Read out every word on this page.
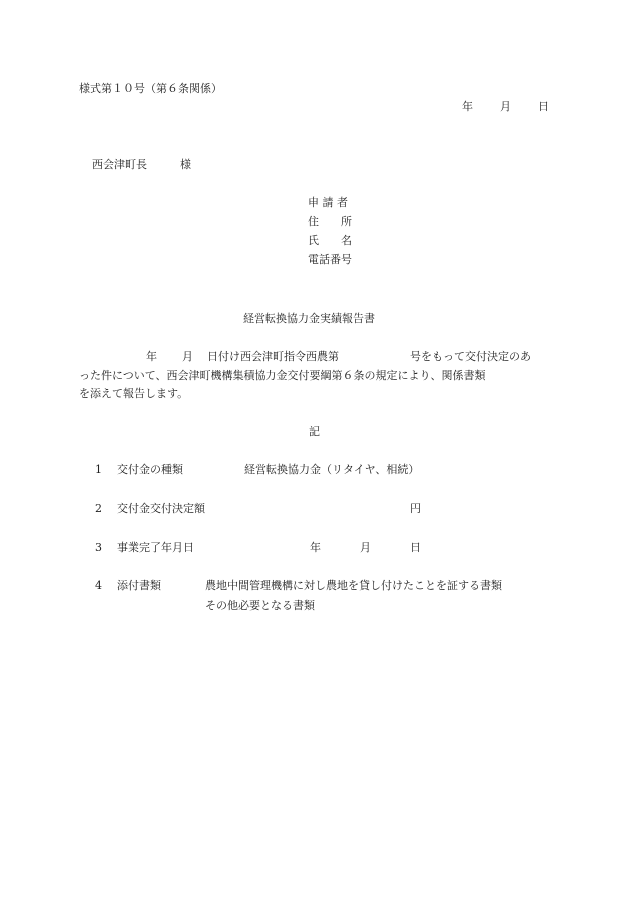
様式第１０号（第６条関係）
年 月 日
西会津町長	様
申 請 者
住　　所
氏　　名
電話番号
経営転換協力金実績報告書
年 月 日付け西会津町指令西農第	号をもって交付決定のあ
った件について、西会津町機構集積協力金交付要綱第６条の規定により、関係書類
を添えて報告します。
記
1 交付金の種類	経営転換協力金（リタイヤ、相続）
2 交付金交付決定額	円
3 事業完了年月日	年	月	日
4 添付書類	農地中間管理機構に対し農地を貸し付けたことを証する書類
その他必要となる書類
